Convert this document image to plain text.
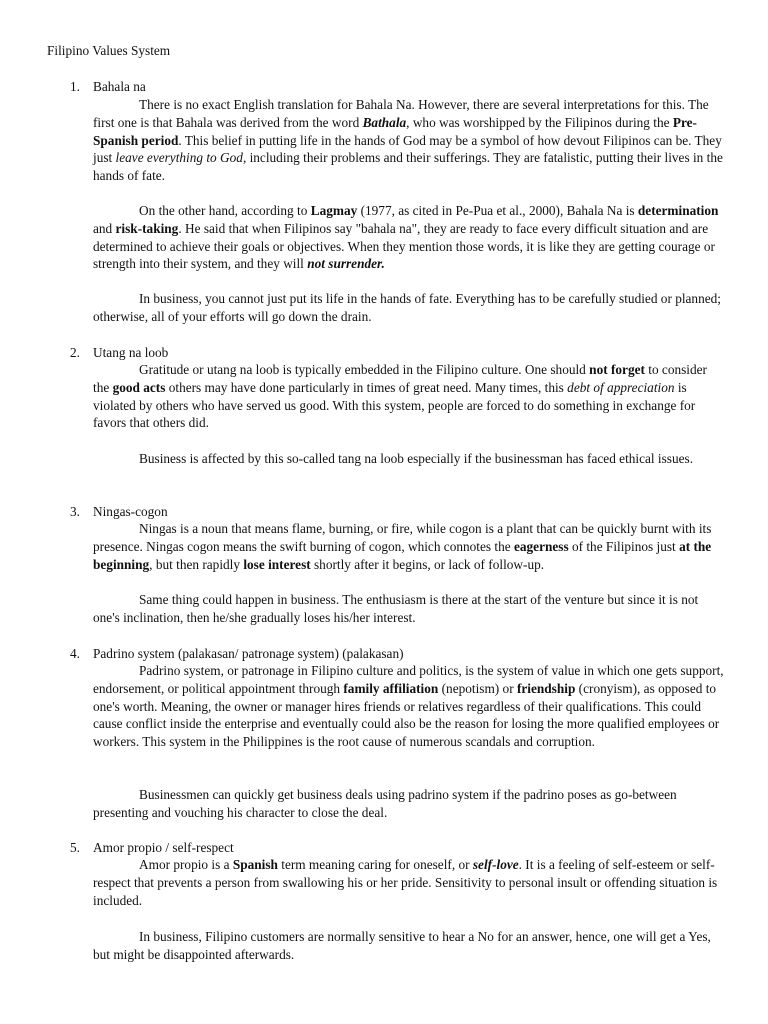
Filipino Values System
1. Bahala na

There is no exact English translation for Bahala Na. However, there are several interpretations for this. The first one is that Bahala was derived from the word Bathala, who was worshipped by the Filipinos during the Pre-Spanish period. This belief in putting life in the hands of God may be a symbol of how devout Filipinos can be. They just leave everything to God, including their problems and their sufferings. They are fatalistic, putting their lives in the hands of fate.

On the other hand, according to Lagmay (1977, as cited in Pe-Pua et al., 2000), Bahala Na is determination and risk-taking. He said that when Filipinos say "bahala na", they are ready to face every difficult situation and are determined to achieve their goals or objectives. When they mention those words, it is like they are getting courage or strength into their system, and they will not surrender.

In business, you cannot just put its life in the hands of fate. Everything has to be carefully studied or planned; otherwise, all of your efforts will go down the drain.

2. Utang na loob

Gratitude or utang na loob is typically embedded in the Filipino culture. One should not forget to consider the good acts others may have done particularly in times of great need. Many times, this debt of appreciation is violated by others who have served us good. With this system, people are forced to do something in exchange for favors that others did.

Business is affected by this so-called tang na loob especially if the businessman has faced ethical issues.

3. Ningas-cogon

Ningas is a noun that means flame, burning, or fire, while cogon is a plant that can be quickly burnt with its presence. Ningas cogon means the swift burning of cogon, which connotes the eagerness of the Filipinos just at the beginning, but then rapidly lose interest shortly after it begins, or lack of follow-up.

Same thing could happen in business. The enthusiasm is there at the start of the venture but since it is not one's inclination, then he/she gradually loses his/her interest.

4. Padrino system (palakasan/ patronage system) (palakasan)

Padrino system, or patronage in Filipino culture and politics, is the system of value in which one gets support, endorsement, or political appointment through family affiliation (nepotism) or friendship (cronyism), as opposed to one's worth. Meaning, the owner or manager hires friends or relatives regardless of their qualifications. This could cause conflict inside the enterprise and eventually could also be the reason for losing the more qualified employees or workers. This system in the Philippines is the root cause of numerous scandals and corruption.

Businessmen can quickly get business deals using padrino system if the padrino poses as go-between presenting and vouching his character to close the deal.

5. Amor propio / self-respect

Amor propio is a Spanish term meaning caring for oneself, or self-love. It is a feeling of self-esteem or self-respect that prevents a person from swallowing his or her pride. Sensitivity to personal insult or offending situation is included.

In business, Filipino customers are normally sensitive to hear a No for an answer, hence, one will get a Yes, but might be disappointed afterwards.
